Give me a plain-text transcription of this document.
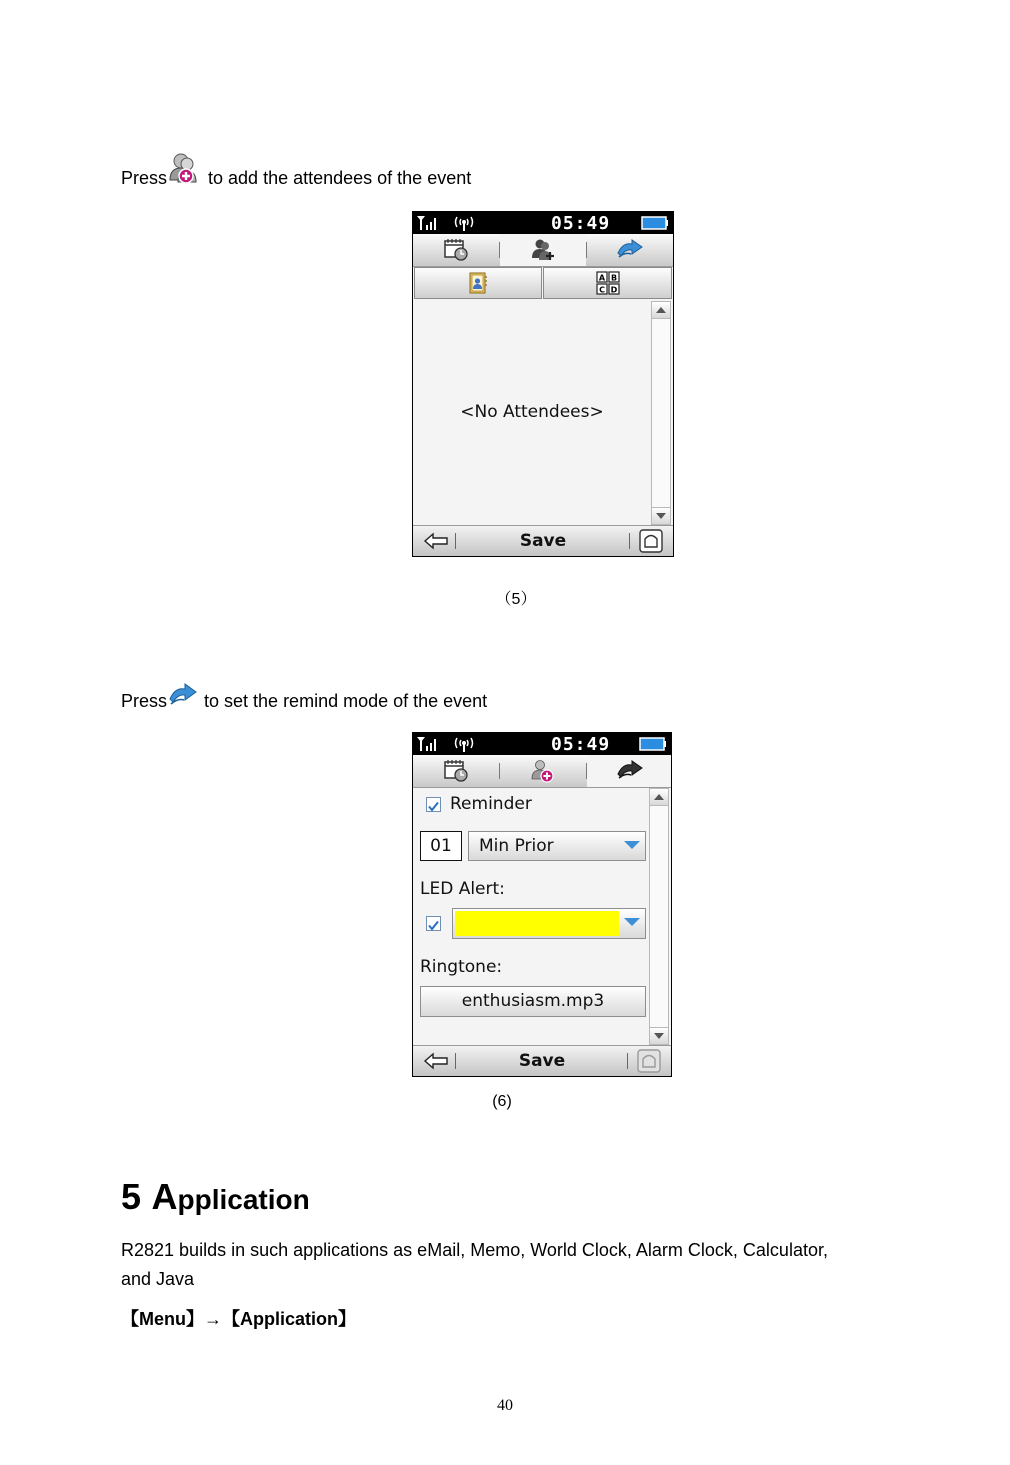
Press to add the attendees of the event
05:49
A B
C D
<No Attendees>
Save
（5）
Press to set the remind mode of the event
05:49
Reminder
01	Min Prior
LED Alert:
Ringtone:
enthusiasm.mp3
Save
(6)
5 Application
R2821 builds in such applications as eMail, Memo, World Clock, Alarm Clock, Calculator,
and Java
【Menu】→【Application】
40
